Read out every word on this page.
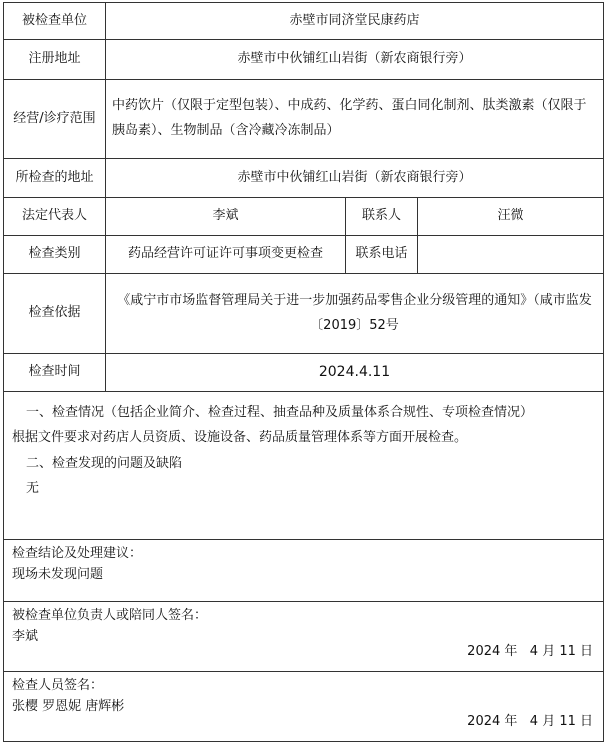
被检查单位	赤壁市同济堂民康药店		
注册地址	赤壁市中伙铺红山岩街（新农商银行旁）		
经营/诊疗范围	中药饮片（仅限于定型包装）、中成药、化学药、蛋白同化制剂、肽类激素（仅限于胰岛素）、生物制品（含冷藏冷冻制品）		
所检查的地址	赤壁市中伙铺红山岩街（新农商银行旁）		
法定代表人	李斌	联系人	汪微
检查类别	药品经营许可证许可事项变更检查	联系电话	
检查依据	《咸宁市市场监督管理局关于进一步加强药品零售企业分级管理的通知》（咸市监发〔2019〕52号		
检查时间	2024.4.11		

一、检查情况（包括企业简介、检查过程、抽查品种及质量体系合规性、专项检查情况）

根据文件要求对药店人员资质、设施设备、药品质量管理体系等方面开展检查。

二、检查发现的问题及缺陷

无			

检查结论及处理建议：

现场未发现问题			

被检查单位负责人或陪同人签名：

李斌

2024 年   4 月 11 日			

检查人员签名：

张樱 罗恩妮 唐辉彬

2024 年   4 月 11 日			
